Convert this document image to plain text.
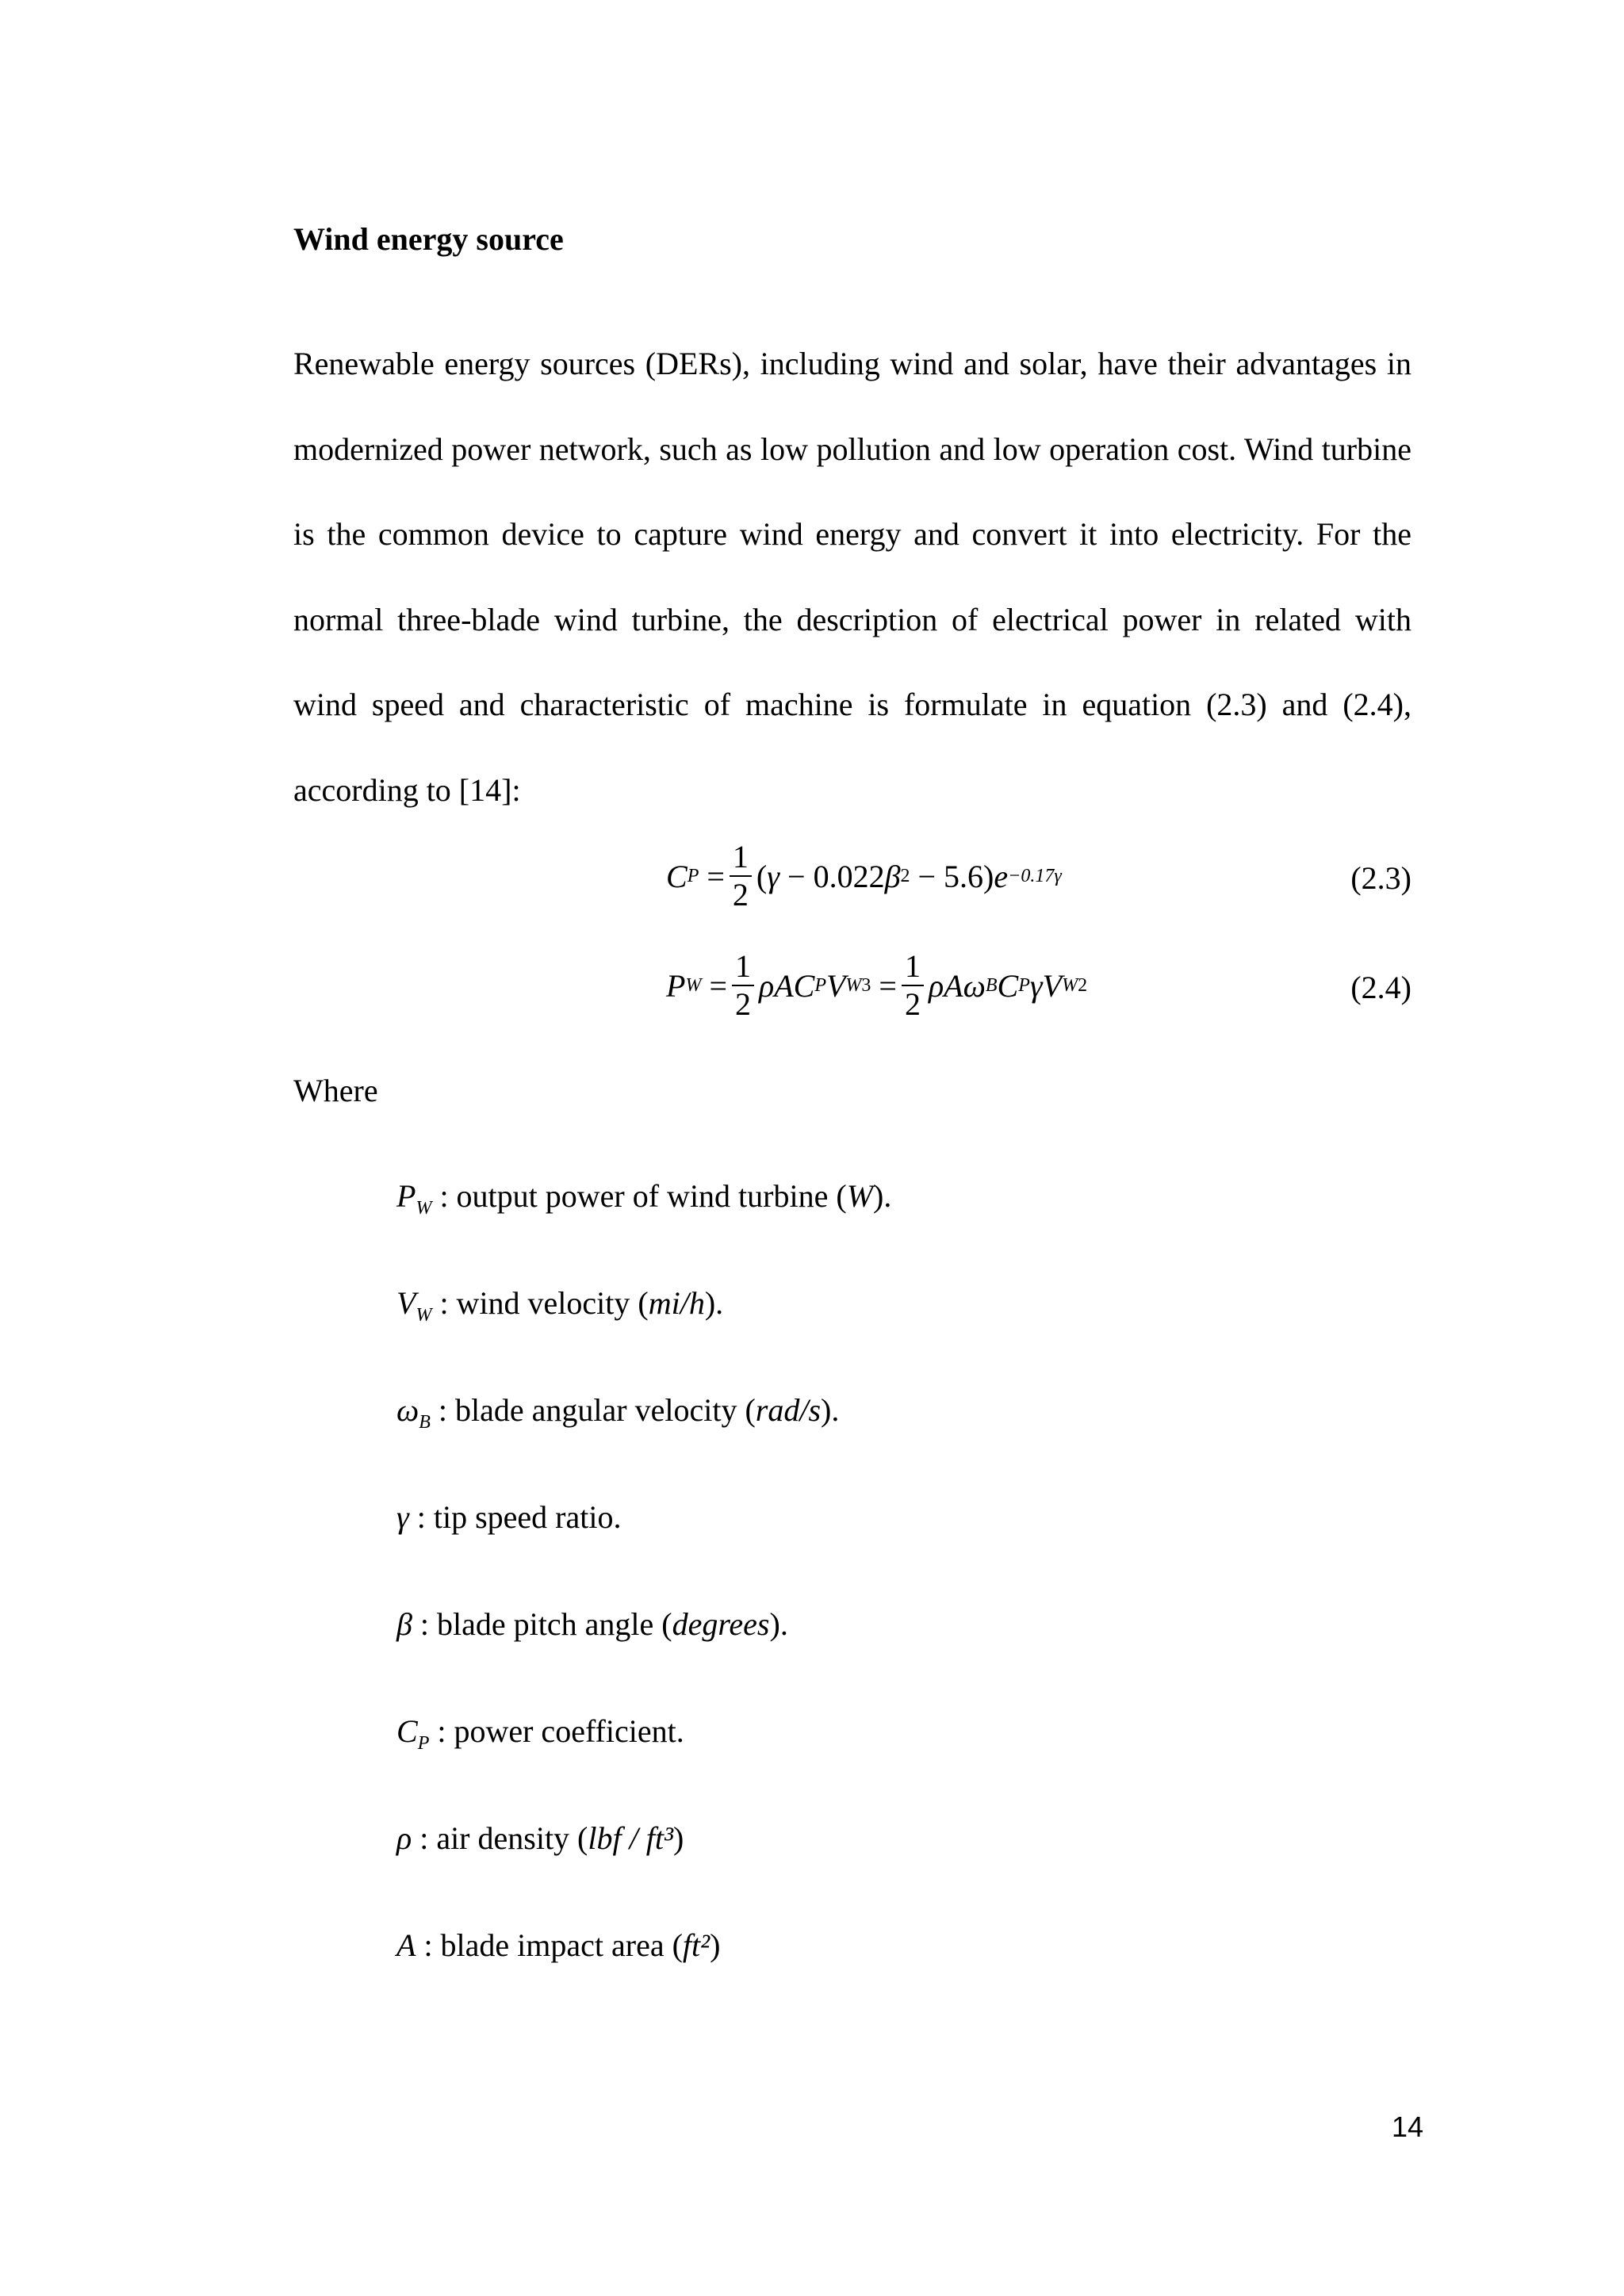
Wind energy source

Renewable energy sources (DERs), including wind and solar, have their advantages in modernized power network, such as low pollution and low operation cost. Wind turbine is the common device to capture wind energy and convert it into electricity. For the normal three-blade wind turbine, the description of electrical power in related with wind speed and characteristic of machine is formulate in equation (2.3) and (2.4), according to [14]:

C P
= $\frac{1}{2}$ ( γ − 0.022 β 2 − 5.6) e −0.17γ	(2.3)
P W
= $\frac{1}{2}$ ρAC P V W 3
= $\frac{1}{2}$ ρAω B C P γV W 2	(2.4)

Where

$P_W$ : output power of wind turbine (W).

$V_W$ : wind velocity (mi/h).

$\omega_B$ : blade angular velocity (rad/s).

γ : tip speed ratio.

β : blade pitch angle (degrees).

$C_P$ : power coefficient.

ρ : air density (lbf / ft³)

A : blade impact area (ft²)

14
